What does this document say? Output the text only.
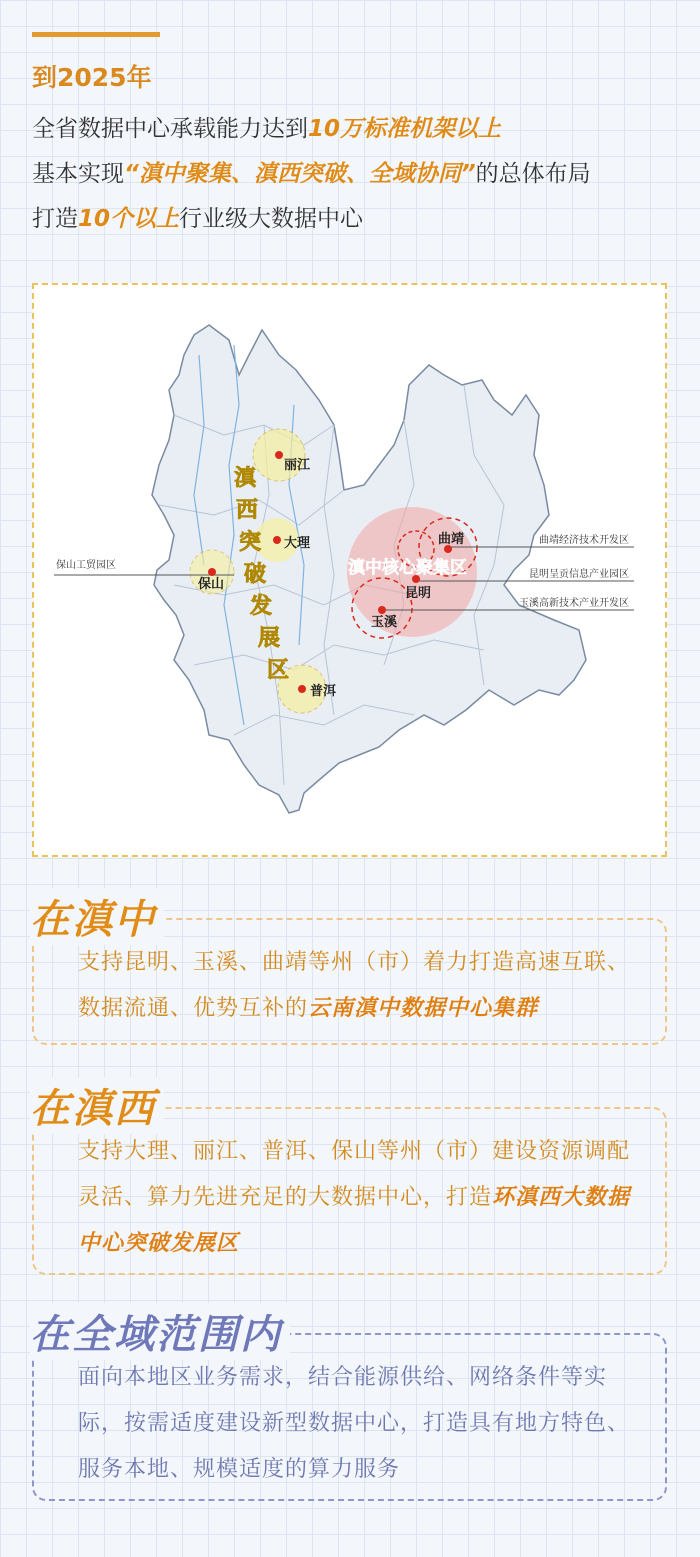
到2025年
全省数据中心承载能力达到10万标准机架以上
基本实现“滇中聚集、滇西突破、全域协同”的总体布局
打造10个以上行业级大数据中心
丽江
大理
保山
普洱
曲靖
昆明
玉溪
滇中核心聚集区
滇
西
突
破
发
展
区
保山工贸园区
曲靖经济技术开发区
昆明呈贡信息产业园区
玉溪高新技术产业开发区
在滇中
支持昆明、玉溪、曲靖等州（市）着力打造高速互联、数据流通、优势互补的云南滇中数据中心集群
在滇西
支持大理、丽江、普洱、保山等州（市）建设资源调配灵活、算力先进充足的大数据中心，打造环滇西大数据中心突破发展区
在全域范围内
面向本地区业务需求，结合能源供给、网络条件等实际，按需适度建设新型数据中心，打造具有地方特色、服务本地、规模适度的算力服务
